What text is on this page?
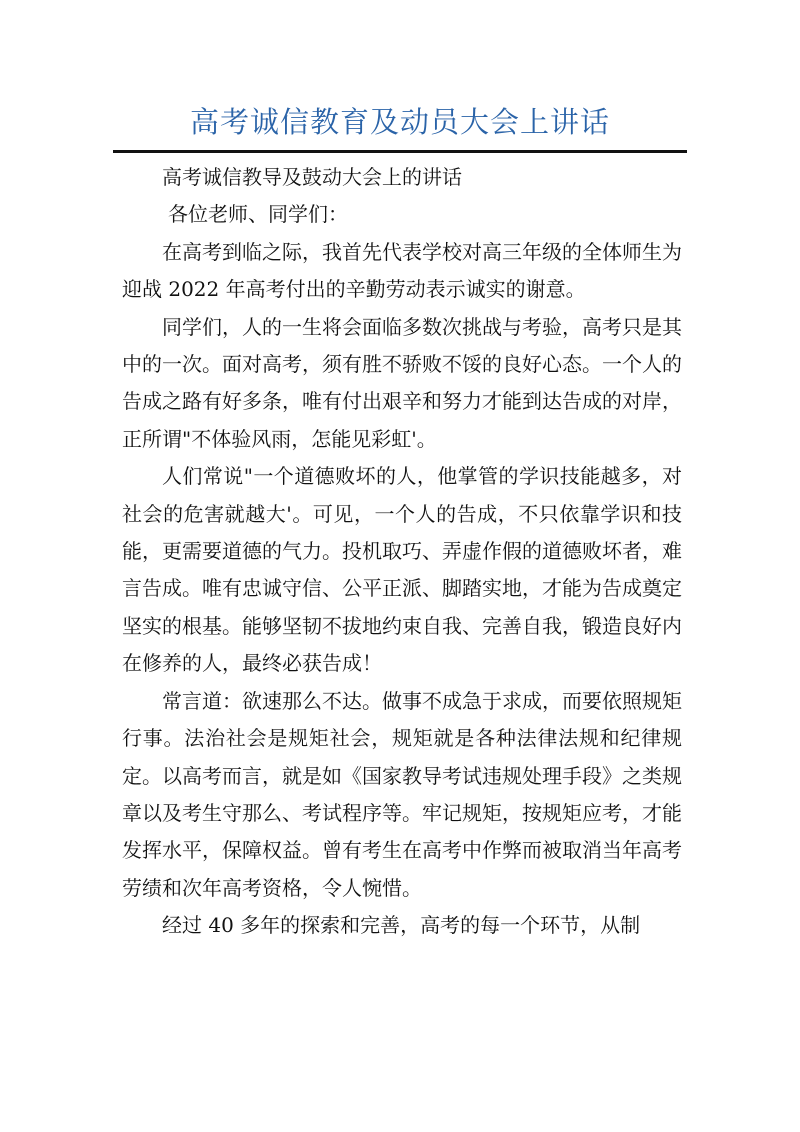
高考诚信教育及动员大会上讲话

高考诚信教导及鼓动大会上的讲话

各位老师、同学们：

在高考到临之际，我首先代表学校对高三年级的全体师生为迎战 2022 年高考付出的辛勤劳动表示诚实的谢意。

同学们，人的一生将会面临多数次挑战与考验，高考只是其中的一次。面对高考，须有胜不骄败不馁的良好心态。一个人的告成之路有好多条，唯有付出艰辛和努力才能到达告成的对岸，正所谓"不体验风雨，怎能见彩虹'。

人们常说"一个道德败坏的人，他掌管的学识技能越多，对社会的危害就越大'。可见，一个人的告成，不只依靠学识和技能，更需要道德的气力。投机取巧、弄虚作假的道德败坏者，难言告成。唯有忠诚守信、公平正派、脚踏实地，才能为告成奠定坚实的根基。能够坚韧不拔地约束自我、完善自我，锻造良好内在修养的人，最终必获告成！

常言道：欲速那么不达。做事不成急于求成，而要依照规矩行事。法治社会是规矩社会，规矩就是各种法律法规和纪律规定。以高考而言，就是如《国家教导考试违规处理手段》之类规章以及考生守那么、考试程序等。牢记规矩，按规矩应考，才能发挥水平，保障权益。曾有考生在高考中作弊而被取消当年高考劳绩和次年高考资格，令人惋惜。

经过 40 多年的探索和完善，高考的每一个环节，从制
